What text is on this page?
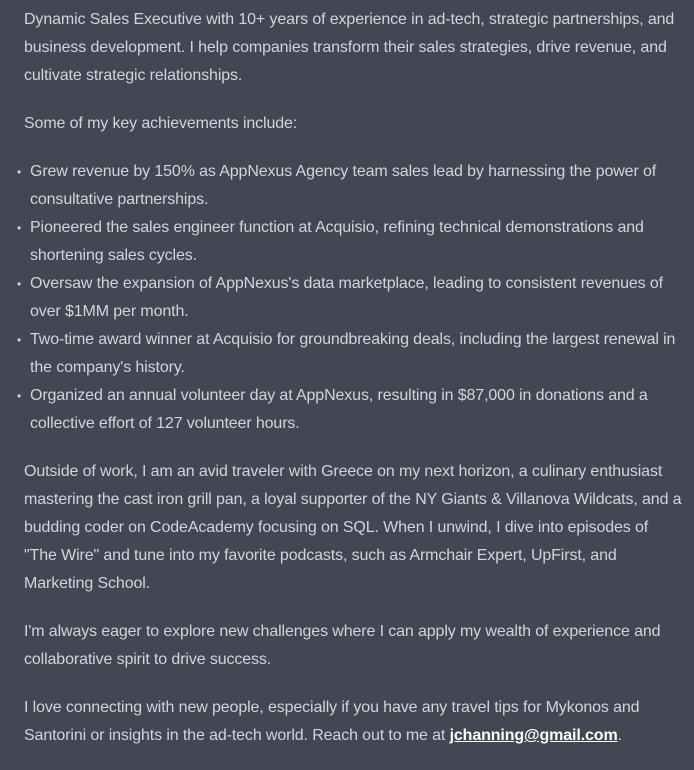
Dynamic Sales Executive with 10+ years of experience in ad-tech, strategic partnerships, and business development. I help companies transform their sales strategies, drive revenue, and cultivate strategic relationships.

Some of my key achievements include:

• Grew revenue by 150% as AppNexus Agency team sales lead by harnessing the power of consultative partnerships.
• Pioneered the sales engineer function at Acquisio, refining technical demonstrations and shortening sales cycles.
• Oversaw the expansion of AppNexus's data marketplace, leading to consistent revenues of over $1MM per month.
• Two-time award winner at Acquisio for groundbreaking deals, including the largest renewal in the company's history.
• Organized an annual volunteer day at AppNexus, resulting in $87,000 in donations and a collective effort of 127 volunteer hours.

Outside of work, I am an avid traveler with Greece on my next horizon, a culinary enthusiast mastering the cast iron grill pan, a loyal supporter of the NY Giants & Villanova Wildcats, and a budding coder on CodeAcademy focusing on SQL. When I unwind, I dive into episodes of "The Wire" and tune into my favorite podcasts, such as Armchair Expert, UpFirst, and Marketing School.

I'm always eager to explore new challenges where I can apply my wealth of experience and collaborative spirit to drive success.

I love connecting with new people, especially if you have any travel tips for Mykonos and Santorini or insights in the ad-tech world. Reach out to me at jchanning@gmail.com.
